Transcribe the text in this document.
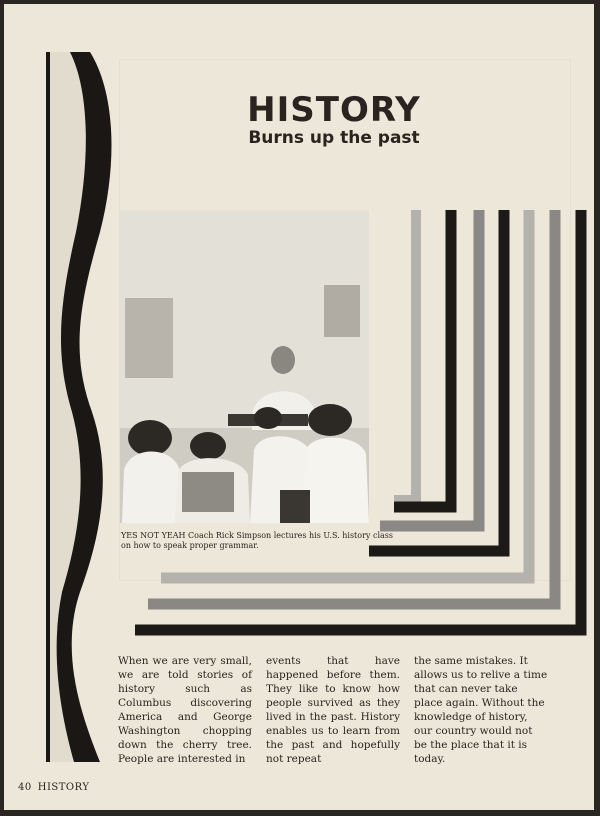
HISTORY
Burns up the past
YES NOT YEAH Coach Rick Simpson lectures his U.S. history class on how to speak proper grammar.

When we are very small, we are told stories of history such as Columbus discovering America and George Washington chopping down the cherry tree. People are interested in

events that have happened before them. They like to know how people survived as they lived in the past. History enables us to learn from the past and hopefully not repeat

the same mistakes. It allows us to relive a time that can never take place again. Without the knowledge of history, our country would not be the place that it is today.

40 HISTORY
